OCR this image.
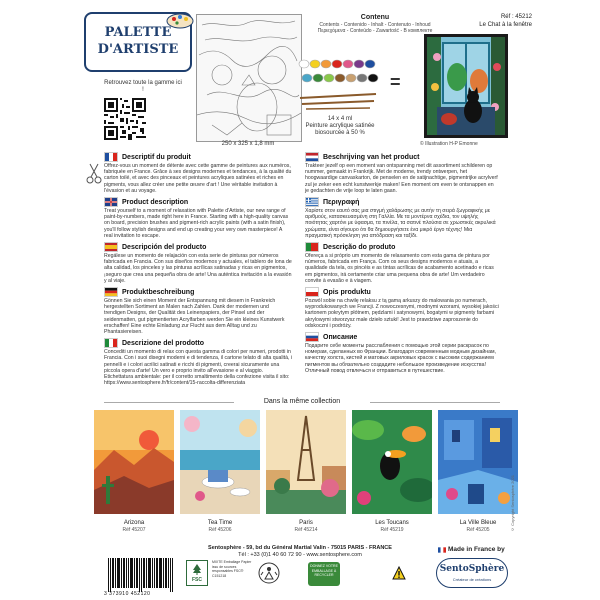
PALETTE
D'ARTISTE
Retrouvez toute la gamme ici !
250 x 325 x 1,8 mm
Contenu
Contents - Contenido - Inhalt - Contenuto - Inhoud
Περιεχόμενα - Conteúdo - Zawartość - В комплекте
14 x 4 ml
Peinture acrylique satinée
biosourcée à 50 %
=
Réf : 45212
Le Chat à la fenêtre
© Illustration H-P Emonne
Descriptif du produit
Offrez-vous un moment de détente avec cette gamme de peintures aux numéros, fabriquée en France. Grâce à ses designs modernes et tendances, à la qualité du carton toilé, et avec des pinceaux et peintures acryliques satinées et riches en pigments, vous allez créer une petite œuvre d'art ! Une véritable invitation à l'évasion et au voyage.
Product description
Treat yourself to a moment of relaxation with Palette d'Artiste, our new range of paint-by-numbers, made right here in France. Starting with a high-quality canvas on board, precision brushes and pigment-rich acrylic paints (with a satin finish), you'll follow stylish designs and end up creating your very own masterpiece! A real invitation to escape.
Descripción del producto
Regálese un momento de relajación con esta serie de pinturas por números fabricada en Francia. Con sus diseños modernos y actuales, el tablero de lona de alta calidad, los pinceles y las pinturas acrílicas satinadas y ricas en pigmentos, ¡seguro que crea una pequeña obra de arte! Una auténtica invitación a la evasión y al viaje.
Produktbeschreibung
Gönnen Sie sich einen Moment der Entspannung mit diesem in Frankreich hergestellten Sortiment an Malen nach Zahlen. Dank der modernen und trendigen Designs, der Qualität des Leinenpapiers, der Pinsel und der seidenmatten, gut pigmentierten Acrylfarben werden Sie ein kleines Kunstwerk erschaffen! Eine echte Einladung zur Flucht aus dem Alltag und zu Phantasiereisen.
Descrizione del prodotto
Concediti un momento di relax con questa gamma di colori per numeri, prodotti in Francia. Con i suoi disegni moderni e di tendenza, il cartone telato di alta qualità, i pennelli e i colori acrilici satinati e ricchi di pigmenti, creerai sicuramente una piccola opera d'arte! Un vero e proprio invito all'evasione e al viaggio. Etichettatura ambientale: per il corretto smaltimento della confezione visita il sito: https://www.sentosphere.fr/fr/content/15-raccolta-differenziata
Beschrijving van het product
Trakteer jezelf op een moment van ontspanning met dit assortiment schilderen op nummer, gemaakt in Frankrijk. Met de moderne, trendy ontwerpen, het hoogwaardige canvaskarton, de penselen en de satijnachtige, pigmentrijke acrylverf zul je zeker een echt kunstwerkje maken! Een moment om even te ontsnappen en je gedachten de vrije loop te laten gaan.
Περιγραφή
Χαρίστε στον εαυτό σας μια στιγμή χαλάρωσης με αυτήν τη σειρά ζωγραφικής με αριθμούς, κατασκευασμένη στη Γαλλία. Με τα μοντέρνα σχέδια, τον υψηλής ποιότητας χαρτόνι με ύφασμα, τα πινέλα, τα σατινέ πλούσια σε χρωστικές ακρυλικά χρώματα, είναι σίγουρο ότι θα δημιουργήσετε ένα μικρό έργο τέχνης! Μια πραγματική πρόσκληση για απόδραση και ταξίδι.
Descrição do produto
Ofereça a si próprio um momento de relaxamento com esta gama de pintura por números, fabricada em França. Com os seus designs modernos e atuais, a qualidade da tela, os pincéis e as tintas acrílicas de acabamento acetinado e ricas em pigmentos, irá certamente criar uma pequena obra de arte! Um verdadeiro convite à evasão e à viagem.
Opis produktu
Pozwól sobie na chwilę relaksu z tą gamą arkuszy do malowania po numerach, wyprodukowanych we Francji. Z nowoczesnymi, modnymi wzorami, wysokiej jakości kartonem pokrytym płótnem, pędzlami i satynowymi, bogatymi w pigmenty farbami akrylowymi stworzysz małe dzieło sztuki! Jest to prawdziwe zaproszenie do odskoczni i podróży.
Описание
Подарите себе моменты расслабления с помощью этой серии раскрасок по номерам, сделанных во Франции. Благодаря современным модным дизайнам, качеству холста, кистей и матовых акриловых красок с высоким содержанием пигментов вы обязательно создадите небольшое произведение искусства! Отличный повод отвлечься и отправиться в путешествие.
Dans la même collection
Arizona
Réf 45207
Tea Time
Réf 45206
Paris
Réf 45214
Les Toucans
Réf 45219
La Ville Bleue
Réf 45205	© Copyright Sentosphère 2021
Sentosphère - 59, bd du Général Martial Valin - 75015 PARIS - FRANCE
Tél : +33 (0)1 40 60 72 90 - www.sentosphere.com
Made in France by
3 373910 452120
FSC
MIXTE Emballage Papier issu de sources responsables FSC® C151218
DONNEZ VOTRE EMBALLAGE À RECYCLER
SentoSphère
Créateur de créations
